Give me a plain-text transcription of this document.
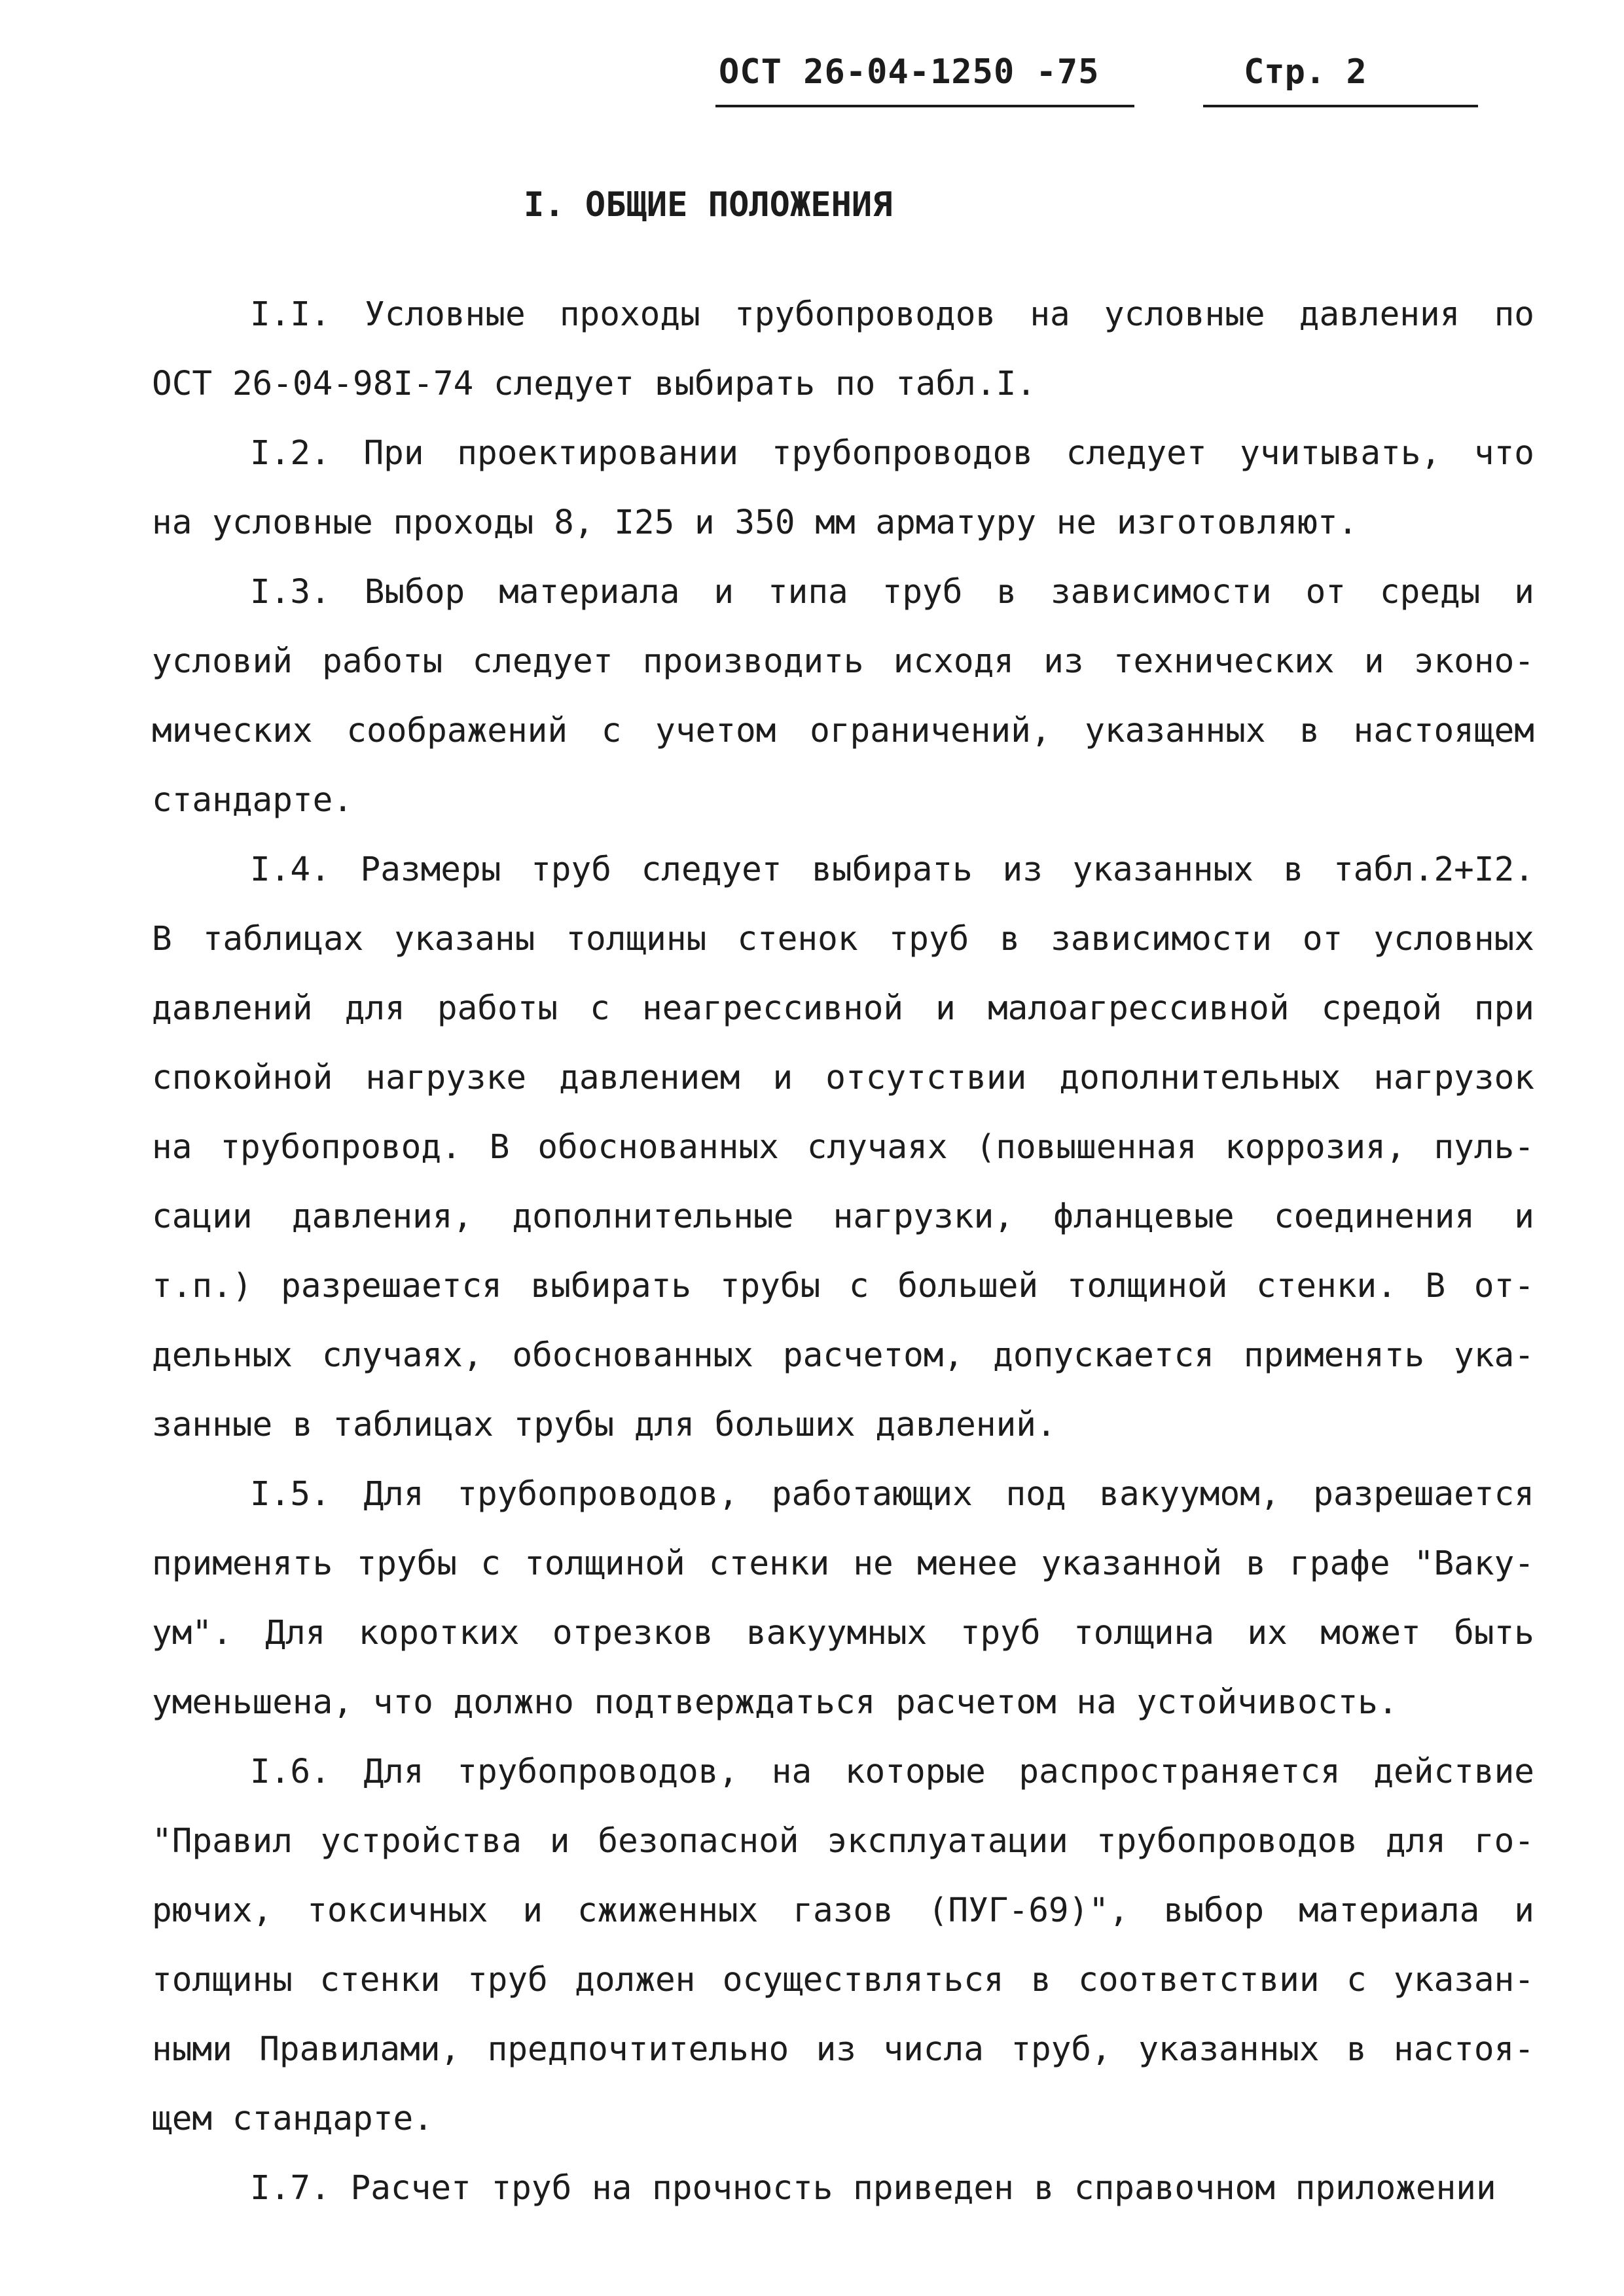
ОСТ 26-04-1250 -75	Стр. 2
I. ОБЩИЕ ПОЛОЖЕНИЯ
I.I. Условные проходы трубопроводов на условные давления по
ОСТ 26-04-98I-74 следует выбирать по табл.I.
I.2. При проектировании трубопроводов следует учитывать, что
на условные проходы 8, I25 и 350 мм арматуру не изготовляют.
I.3. Выбор материала и типа труб в зависимости от среды и
условий работы следует производить исходя из технических и эконо-
мических соображений с учетом ограничений, указанных в настоящем
стандарте.
I.4. Размеры труб следует выбирать из указанных в табл.2+I2.
В таблицах указаны толщины стенок труб в зависимости от условных
давлений для работы с неагрессивной и малоагрессивной средой при
спокойной нагрузке давлением и отсутствии дополнительных нагрузок
на трубопровод. В обоснованных случаях (повышенная коррозия, пуль-
сации давления, дополнительные нагрузки, фланцевые соединения и
т.п.) разрешается выбирать трубы с большей толщиной стенки. В от-
дельных случаях, обоснованных расчетом, допускается применять ука-
занные в таблицах трубы для больших давлений.
I.5. Для трубопроводов, работающих под вакуумом, разрешается
применять трубы с толщиной стенки не менее указанной в графе "Ваку-
ум". Для коротких отрезков вакуумных труб толщина их может быть
уменьшена, что должно подтверждаться расчетом на устойчивость.
I.6. Для трубопроводов, на которые распространяется действие
"Правил устройства и безопасной эксплуатации трубопроводов для го-
рючих, токсичных и сжиженных газов (ПУГ-69)", выбор материала и
толщины стенки труб должен осуществляться в соответствии с указан-
ными Правилами, предпочтительно из числа труб, указанных в настоя-
щем стандарте.
I.7. Расчет труб на прочность приведен в справочном приложении
